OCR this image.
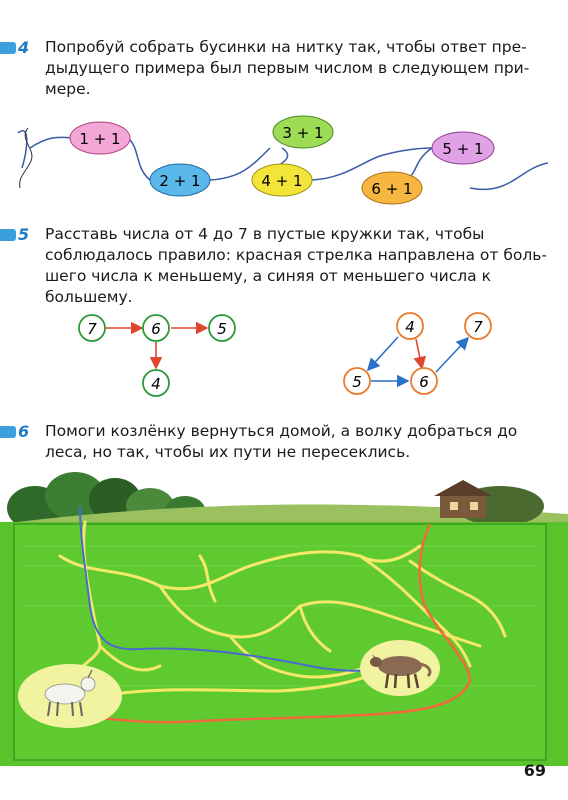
4 Попробуй собрать бусинки на нитку так, чтобы ответ пре-
дыдущего примера был первым числом в следующем при-
мере.
1 + 1
2 + 1
3 + 1
4 + 1
5 + 1
6 + 1
5 Расставь числа от 4 до 7 в пустые кружки так, чтобы
соблюдалось правило: красная стрелка направлена от боль-
шего числа к меньшему, а синяя от меньшего числа к
большему.
7	6	5
4
4	7
5	6
6 Помоги козлёнку вернуться домой, а волку добраться до
леса, но так, чтобы их пути не пересеклись.
69
